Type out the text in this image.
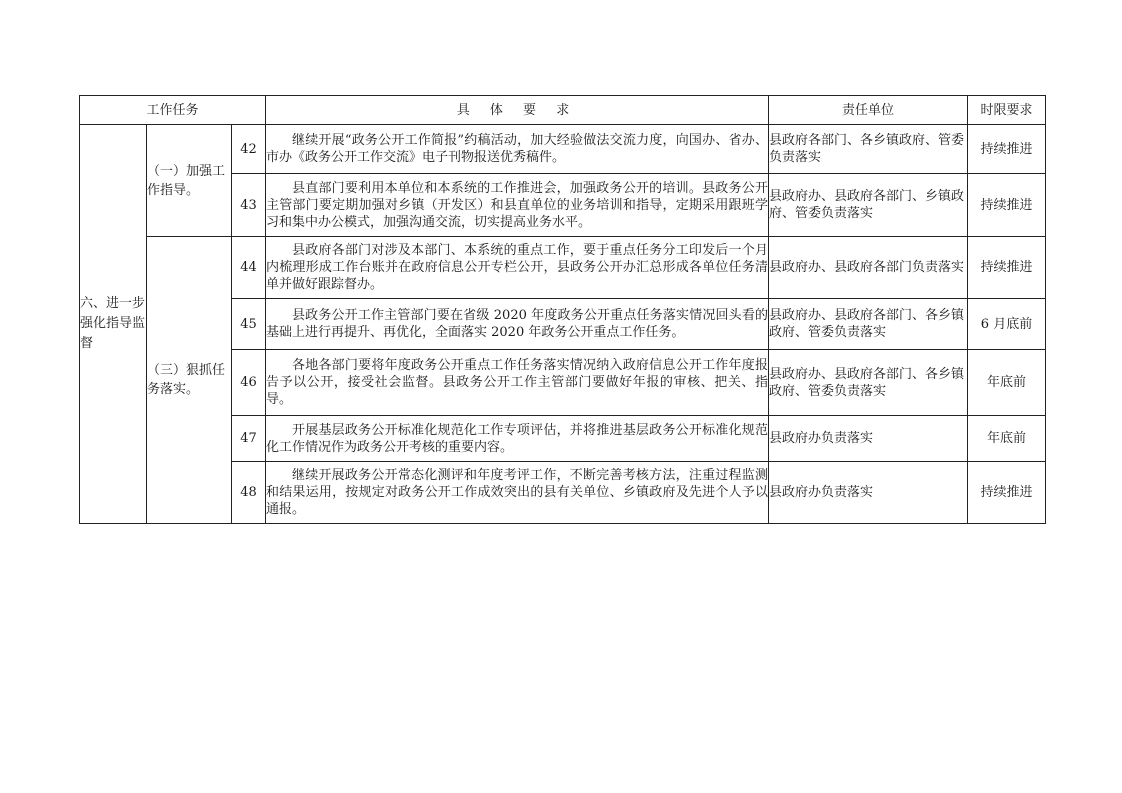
工作任务			具 体 要 求	责任单位	时限要求
六、进一步强化指导监督	（一）加强工作指导。	42	继续开展“政务公开工作简报”约稿活动，加大经验做法交流力度，向国办、省办、市办《政务公开工作交流》电子刊物报送优秀稿件。	县政府各部门、各乡镇政府、管委负责落实	持续推进
		43	县直部门要利用本单位和本系统的工作推进会，加强政务公开的培训。县政务公开主管部门要定期加强对乡镇（开发区）和县直单位的业务培训和指导，定期采用跟班学习和集中办公模式，加强沟通交流，切实提高业务水平。	县政府办、县政府各部门、乡镇政府、管委负责落实	持续推进
	（三）狠抓任务落实。	44	县政府各部门对涉及本部门、本系统的重点工作，要于重点任务分工印发后一个月内梳理形成工作台账并在政府信息公开专栏公开，县政务公开办汇总形成各单位任务清单并做好跟踪督办。	县政府办、县政府各部门负责落实	持续推进
		45	县政务公开工作主管部门要在省级 2020 年度政务公开重点任务落实情况回头看的基础上进行再提升、再优化，全面落实 2020 年政务公开重点工作任务。	县政府办、县政府各部门、各乡镇政府、管委负责落实	6 月底前
		46	各地各部门要将年度政务公开重点工作任务落实情况纳入政府信息公开工作年度报告予以公开，接受社会监督。县政务公开工作主管部门要做好年报的审核、把关、指导。	县政府办、县政府各部门、各乡镇政府、管委负责落实	年底前
		47	开展基层政务公开标准化规范化工作专项评估，并将推进基层政务公开标准化规范化工作情况作为政务公开考核的重要内容。	县政府办负责落实	年底前
		48	继续开展政务公开常态化测评和年度考评工作，不断完善考核方法，注重过程监测和结果运用，按规定对政务公开工作成效突出的县有关单位、乡镇政府及先进个人予以通报。	县政府办负责落实	持续推进
